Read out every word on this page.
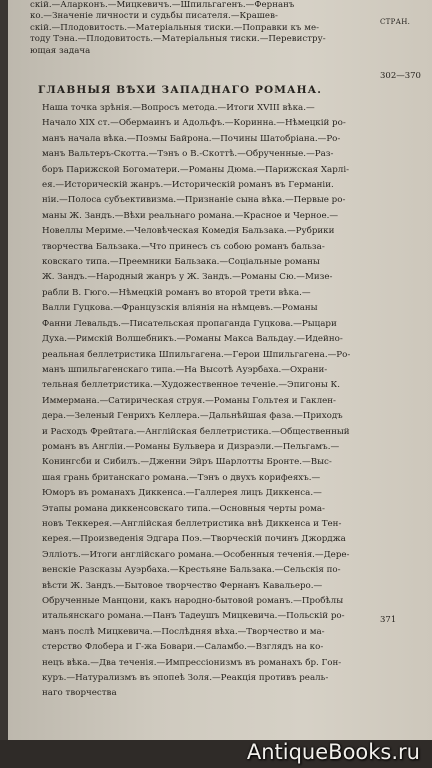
скій.—Аларконъ.—Мицкевичъ.—Шпильгагенъ.—Фернанъ
ко.—Значеніе личности и судьбы писателя.—Крашев-
скій.—Плодовитость.—Матеріальныя тиски.—Поправки къ ме-
тоду Тэна.—Плодовитость.—Матеріальныя тиски.—Перевистру-
ющая задача
СТРАН.
302—370
ГЛАВНЫЯ ВѢХИ ЗАПАДНАГО РОМАНА.
Наша точка зрѣнія.—Вопросъ метода.—Итоги XVIII вѣка.—
Начало XIX ст.—Обермаинъ и Адольфъ.—Коринна.—Нѣмецкій ро-
манъ начала вѣка.—Поэмы Байрона.—Почины Шатобріана.—Ро-
манъ Вальтеръ-Скотта.—Тэнъ о В.-Скоттѣ.—Обрученные.—Раз-
боръ Парижской Богоматери.—Романы Дюма.—Парижская Харлі-
ея.—Историческій жанръ.—Историческій романъ въ Германіи.
ніи.—Полоса субъективизма.—Признаніе сына вѣка.—Первые ро-
маны Ж. Зандъ.—Вѣхи реальнаго романа.—Красное и Черное.—
Новеллы Мериме.—Человѣческая Комедія Бальзака.—Рубрики
творчества Бальзака.—Что принесъ съ собою романъ бальза-
ковскаго типа.—Преемники Бальзака.—Соціальные романы
Ж. Зандъ.—Народный жанръ у Ж. Зандъ.—Романы Сю.—Мизе-
рабли В. Гюго.—Нѣмецкій романъ во второй трети вѣка.—
Валли Гуцкова.—Французскія вліянія на нѣмцевъ.—Романы
Фанни Левальдъ.—Писательская пропаганда Гуцкова.—Рыцари
Духа.—Римскій Волшебникъ.—Романы Макса Вальдау.—Идейно-
реальная беллетристика Шпильгагена.—Герои Шпильгагена.—Ро-
манъ шпильгагенскаго типа.—На Высотѣ Ауэрбаха.—Охрани-
тельная беллетристика.—Художественное теченіе.—Эпигоны К.
Иммермана.—Сатирическая струя.—Романы Гольтея и Гаклен-
дера.—Зеленый Генрихъ Келлера.—Дальнѣйшая фаза.—Приходъ
и Расходъ Фрейтага.—Англійская беллетристика.—Общественный
романъ въ Англіи.—Романы Бульвера и Дизраэли.—Пельгамъ.—
Конингсби и Сибилъ.—Дженни Эйръ Шарлотты Бронте.—Выс-
шая грань британскаго романа.—Тэнъ о двухъ корифеяхъ.—
Юморъ въ романахъ Диккенса.—Галлерея лицъ Диккенса.—
Этапы романа диккенсовскаго типа.—Основныя черты рома-
новъ Теккерея.—Англійская беллетристика внѣ Диккенса и Тен-
керея.—Произведенія Эдгара Поэ.—Творческій починъ Джорджа
Элліотъ.—Итоги англійскаго романа.—Особенныя теченія.—Дере-
венскіе Разсказы Ауэрбаха.—Крестьяне Бальзака.—Сельскія по-
вѣсти Ж. Зандъ.—Бытовое творчество Фернанъ Кавальеро.—
Обрученные Манцони, какъ народно-бытовой романъ.—Пробѣлы
итальянскаго романа.—Панъ Тадеушъ Мицкевича.—Польскій ро-
манъ послѣ Мицкевича.—Послѣдняя вѣха.—Творчество и ма-
стерство Флобера и Г-жа Бовари.—Саламбо.—Взглядъ на ко-
нецъ вѣка.—Два теченія.—Импрессіонизмъ въ романахъ бр. Гон-
куръ.—Натурализмъ въ эпопеѣ Золя.—Реакція противъ реаль-
наго творчества
371
AntiqueBooks.ru
